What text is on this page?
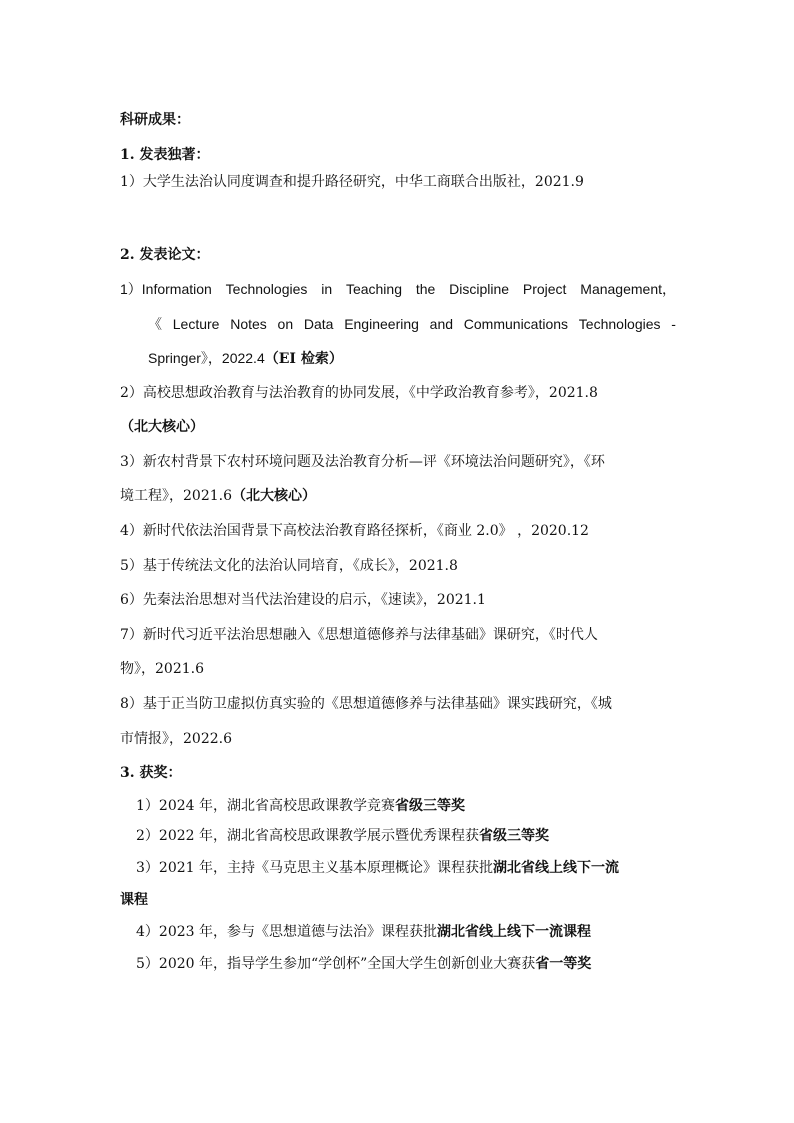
科研成果：
1. 发表独著：
1）大学生法治认同度调查和提升路径研究，中华工商联合出版社，2021.9
2. 发表论文：
1）Information Technologies in Teaching the Discipline Project Management，
《 Lecture Notes on Data Engineering and Communications Technologies -
Springer》，2022.4（EI 检索）
2）高校思想政治教育与法治教育的协同发展，《中学政治教育参考》，2021.8
（北大核心）
3）新农村背景下农村环境问题及法治教育分析—评《环境法治问题研究》，《环
境工程》，2021.6（北大核心）
4）新时代依法治国背景下高校法治教育路径探析，《商业 2.0》 ，2020.12
5）基于传统法文化的法治认同培育，《成长》，2021.8
6）先秦法治思想对当代法治建设的启示，《速读》，2021.1
7）新时代习近平法治思想融入《思想道德修养与法律基础》课研究，《时代人
物》，2021.6
8）基于正当防卫虚拟仿真实验的《思想道德修养与法律基础》课实践研究，《城
市情报》，2022.6
3. 获奖：
1）2024 年，湖北省高校思政课教学竞赛省级三等奖
2）2022 年，湖北省高校思政课教学展示暨优秀课程获省级三等奖
3）2021 年，主持《马克思主义基本原理概论》课程获批湖北省线上线下一流
课程
4）2023 年，参与《思想道德与法治》课程获批湖北省线上线下一流课程
5）2020 年，指导学生参加“学创杯”全国大学生创新创业大赛获省一等奖
